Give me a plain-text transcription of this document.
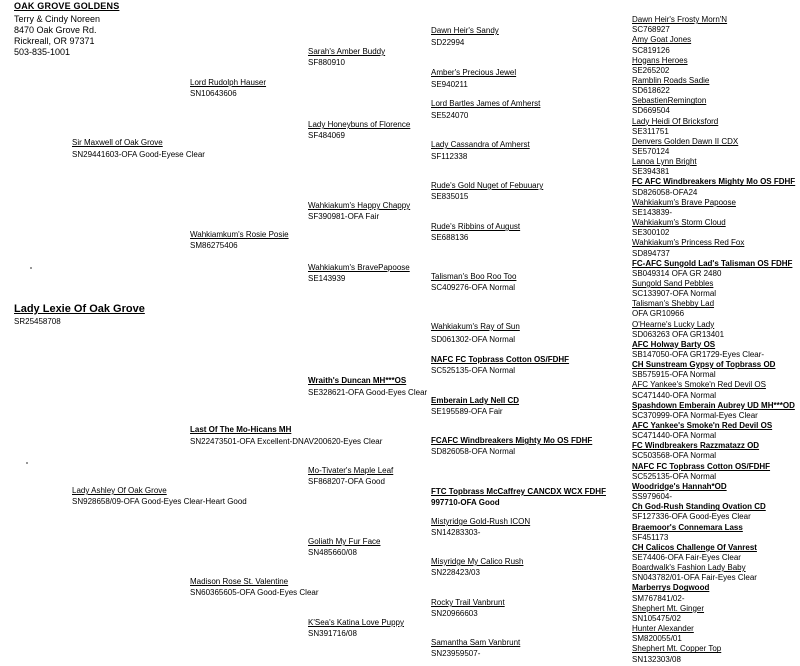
OAK GROVE GOLDENS
Terry & Cindy Noreen
8470 Oak Grove Rd.
Rickreall, OR 97371
503-835-1001
Lady Lexie Of Oak Grove
SR25458708
Sir Maxwell of Oak Grove
SN29441603-OFA Good-Eyese Clear
Lady Ashley Of Oak Grove
SN928658/09-OFA Good-Eyes Clear-Heart Good
Lord Rudolph Hauser
SN10643606
Wahkiamkum's Rosie Posie
SM86275406
Last Of The Mo-Hicans MH
SN22473501-OFA Excellent-DNAV200620-Eyes Clear
Madison Rose St. Valentine
SN60365605-OFA Good-Eyes Clear
Sarah's Amber Buddy
SF880910
Lady Honeybuns of Florence
SF484069
Wahkiakum's Happy Chappy
SF390981-OFA Fair
Wahkiakum's BravePapoose
SE143939
Wraith's Duncan MH***OS
SE328621-OFA Good-Eyes Clear
Mo-Tivater's Maple Leaf
SF868207-OFA Good
Goliath My Fur Face
SN485660/08
K'Sea's Katina Love Puppy
SN391716/08
Dawn Heir's Sandy
SD22994
Amber's Precious Jewel
SE940211
Lord Bartles James of Amherst
SE524070
Lady Cassandra of Amherst
SF112338
Rude's Gold Nuget of Febuuary
SE835015
Rude's Ribbins of August
SE688136
Talisman's Boo Roo Too
SC409276-OFA Normal
Wahkiakum's Ray of Sun
SD061302-OFA Normal
NAFC FC Topbrass Cotton OS/FDHF
SC525135-OFA Normal
Emberain Lady Nell CD
SE195589-OFA Fair
FCAFC Windbreakers Mighty Mo OS FDHF
SD826058-OFA Normal
FTC Topbrass McCaffrey CANCDX WCX FDHF
997710-OFA Good
Mistyridge Gold-Rush ICON
SN14283303-
Misyridge My Calico Rush
SN228423/03
Rocky Trail Vanbrunt
SN20966603
Samantha Sam Vanbrunt
SN23959507-
Dawn Heir's Frosty Morn'N
SC768927
Amy Goat Jones
SC819126
Hogans Heroes
SE265202
Ramblin Roads Sadie
SD618622
SebastienRemington
SD669504
Lady Heidi Of Bricksford
SE311751
Denvers Golden Dawn II CDX
SE570124
Lanoa Lynn Bright
SE394381
FC AFC Windbreakers Mighty Mo OS FDHF
SD826058-OFA24
Wahkiakum's Brave Papoose
SE143839-
Wahkiakum's Storm Cloud
SE300102
Wahkiakum's Princess Red Fox
SD894737
FC-AFC Sungold Lad's Talisman OS FDHF
SB049314 OFA GR 2480
Sungold Sand Pebbles
SC133907-OFA Normal
Talisman's Shebby Lad
OFA GR10966
O'Hearne's Lucky Lady
SD063263 OFA GR13401
AFC Holway Barty OS
SB147050-OFA GR1729-Eyes Clear-
CH Sunstream Gypsy of Topbrass OD
SB575915-OFA Normal
AFC Yankee's Smoke'n Red Devil OS
SC471440-OFA Normal
Spashdown Emberain Aubrey UD MH***OD
SC370999-OFA Normal-Eyes Clear
AFC Yankee's Smoke'n Red Devil OS
SC471440-OFA Normal
FC Windbreakers Razzmatazz OD
SC503568-OFA Normal
NAFC FC Topbrass Cotton OS/FDHF
SC525135-OFA Normal
Woodridge's Hannah*OD
SS979604-
Ch God-Rush Standing Ovation CD
SF127336-OFA Good-Eyes Clear
Braemoor's Connemara Lass
SF451173
CH Calicos Challenge Of Vanrest
SE74406-OFA Fair-Eyes Clear
Boardwalk's Fashion Lady Baby
SN043782/01-OFA Fair-Eyes Clear
Marberrys Dogwood
SM767841/02-
Shephert Mt. Ginger
SN105475/02
Hunter Alexander
SM820055/01
Shephert Mt. Copper Top
SN132303/08
